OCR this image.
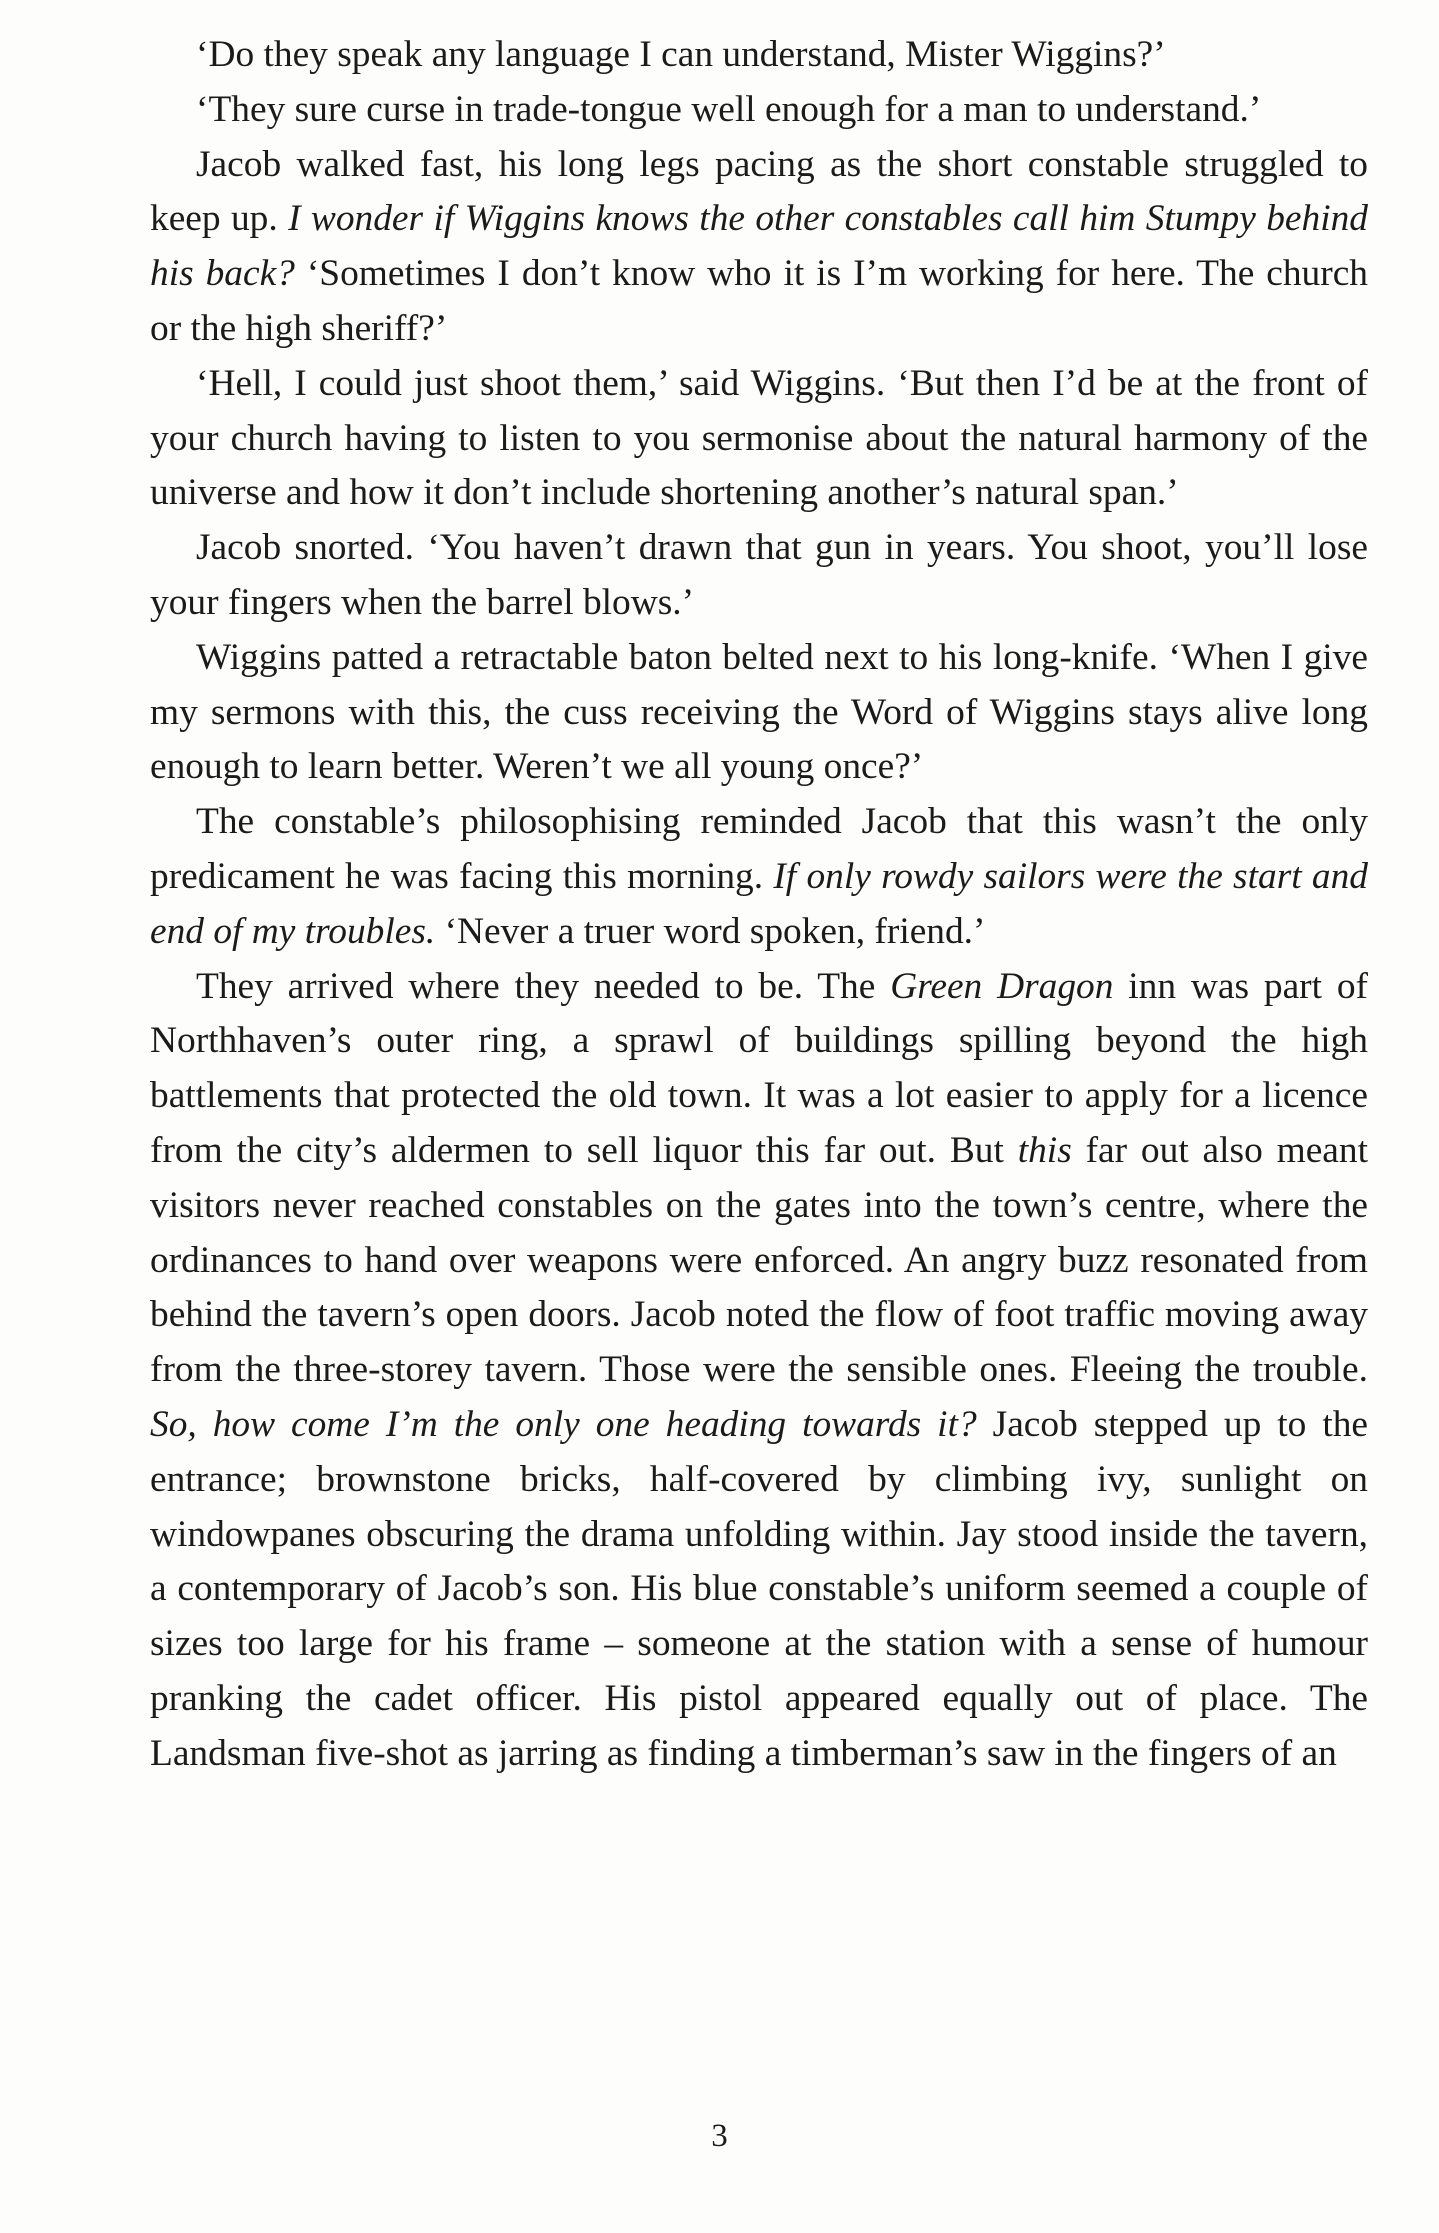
‘Do they speak any language I can understand, Mister Wiggins?’

‘They sure curse in trade-tongue well enough for a man to understand.’

Jacob walked fast, his long legs pacing as the short constable struggled to keep up. I wonder if Wiggins knows the other constables call him Stumpy behind his back? ‘Sometimes I don’t know who it is I’m working for here. The church or the high sheriff?’

‘Hell, I could just shoot them,’ said Wiggins. ‘But then I’d be at the front of your church having to listen to you sermonise about the natural harmony of the universe and how it don’t include shortening another’s natural span.’

Jacob snorted. ‘You haven’t drawn that gun in years. You shoot, you’ll lose your fingers when the barrel blows.’

Wiggins patted a retractable baton belted next to his long-knife. ‘When I give my sermons with this, the cuss receiving the Word of Wiggins stays alive long enough to learn better. Weren’t we all young once?’

The constable’s philosophising reminded Jacob that this wasn’t the only predicament he was facing this morning. If only rowdy sailors were the start and end of my troubles. ‘Never a truer word spoken, friend.’

They arrived where they needed to be. The Green Dragon inn was part of Northhaven’s outer ring, a sprawl of buildings spilling beyond the high battlements that protected the old town. It was a lot easier to apply for a licence from the city’s aldermen to sell liquor this far out. But this far out also meant visitors never reached constables on the gates into the town’s centre, where the ordinances to hand over weapons were enforced. An angry buzz resonated from behind the tavern’s open doors. Jacob noted the flow of foot traffic moving away from the three-storey tavern. Those were the sensible ones. Fleeing the trouble. So, how come I’m the only one heading towards it? Jacob stepped up to the entrance; brownstone bricks, half-covered by climbing ivy, sunlight on windowpanes obscuring the drama unfolding within. Jay stood inside the tavern, a contemporary of Jacob’s son. His blue constable’s uniform seemed a couple of sizes too large for his frame – someone at the station with a sense of humour pranking the cadet officer. His pistol appeared equally out of place. The Landsman five-shot as jarring as finding a timberman’s saw in the fingers of an

3
